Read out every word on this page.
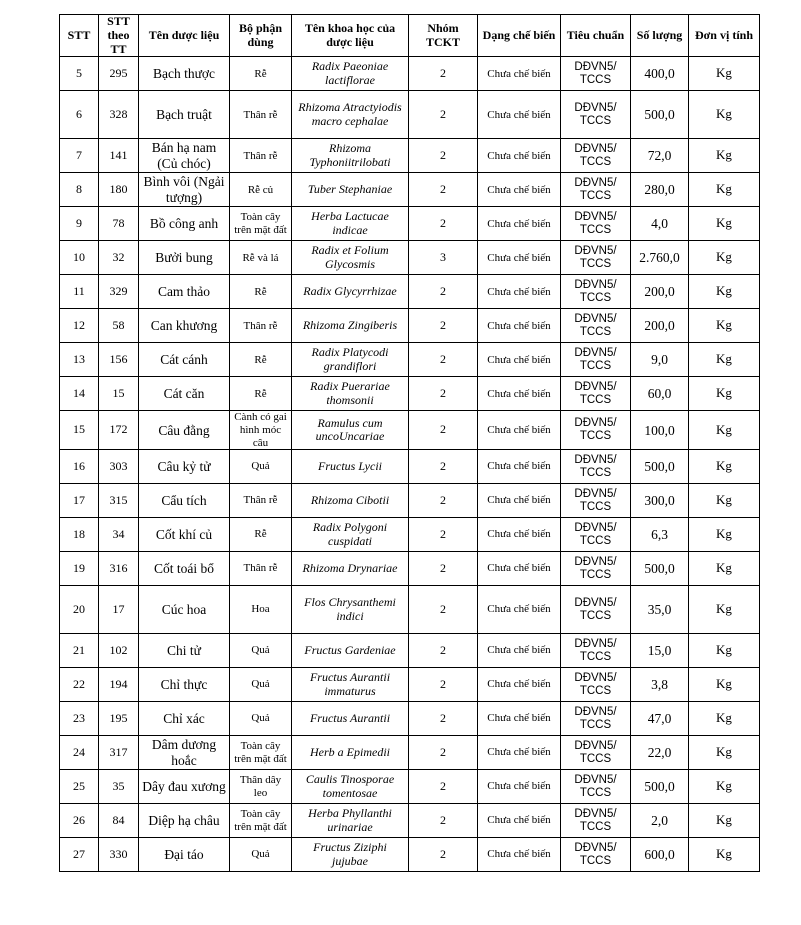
STT	STT theo TT	Tên dược liệu	Bộ phận dùng	Tên khoa học của dược liệu	Nhóm TCKT	Dạng chế biến	Tiêu chuẩn	Số lượng	Đơn vị tính
5	295	Bạch thược	Rễ	Radix Paeoniae lactiflorae	2	Chưa chế biến	DĐVN5/ TCCS	400,0	Kg
6	328	Bạch truật	Thân rễ	Rhizoma Atractyiodis macro cephalae	2	Chưa chế biến	DĐVN5/ TCCS	500,0	Kg
7	141	Bán hạ nam (Củ chóc)	Thân rễ	Rhizoma Typhoniitrilobati	2	Chưa chế biến	DĐVN5/ TCCS	72,0	Kg
8	180	Bình vôi (Ngải tượng)	Rễ củ	Tuber Stephaniae	2	Chưa chế biến	DĐVN5/ TCCS	280,0	Kg
9	78	Bồ công anh	Toàn cây trên mặt đất	Herba Lactucae indicae	2	Chưa chế biến	DĐVN5/ TCCS	4,0	Kg
10	32	Bưởi bung	Rễ và lá	Radix et Folium Glycosmis	3	Chưa chế biến	DĐVN5/ TCCS	2.760,0	Kg
11	329	Cam thảo	Rễ	Radix Glycyrrhizae	2	Chưa chế biến	DĐVN5/ TCCS	200,0	Kg
12	58	Can khương	Thân rễ	Rhizoma Zingiberis	2	Chưa chế biến	DĐVN5/ TCCS	200,0	Kg
13	156	Cát cánh	Rễ	Radix Platycodi grandiflori	2	Chưa chế biến	DĐVN5/ TCCS	9,0	Kg
14	15	Cát căn	Rễ	Radix Puerariae thomsonii	2	Chưa chế biến	DĐVN5/ TCCS	60,0	Kg
15	172	Câu đằng	Cành có gai hình móc câu	Ramulus cum uncoUncariae	2	Chưa chế biến	DĐVN5/ TCCS	100,0	Kg
16	303	Câu kỷ tử	Quả	Fructus Lycii	2	Chưa chế biến	DĐVN5/ TCCS	500,0	Kg
17	315	Cẩu tích	Thân rễ	Rhizoma Cibotii	2	Chưa chế biến	DĐVN5/ TCCS	300,0	Kg
18	34	Cốt khí củ	Rễ	Radix Polygoni cuspidati	2	Chưa chế biến	DĐVN5/ TCCS	6,3	Kg
19	316	Cốt toái bổ	Thân rễ	Rhizoma Drynariae	2	Chưa chế biến	DĐVN5/ TCCS	500,0	Kg
20	17	Cúc hoa	Hoa	Flos Chrysanthemi indici	2	Chưa chế biến	DĐVN5/ TCCS	35,0	Kg
21	102	Chi tử	Quả	Fructus Gardeniae	2	Chưa chế biến	DĐVN5/ TCCS	15,0	Kg
22	194	Chỉ thực	Quả	Fructus Aurantii immaturus	2	Chưa chế biến	DĐVN5/ TCCS	3,8	Kg
23	195	Chỉ xác	Quả	Fructus Aurantii	2	Chưa chế biến	DĐVN5/ TCCS	47,0	Kg
24	317	Dâm dương hoắc	Toàn cây trên mặt đất	Herb a Epimedii	2	Chưa chế biến	DĐVN5/ TCCS	22,0	Kg
25	35	Dây đau xương	Thân dây leo	Caulis Tinosporae tomentosae	2	Chưa chế biến	DĐVN5/ TCCS	500,0	Kg
26	84	Diệp hạ châu	Toàn cây trên mặt đất	Herba Phyllanthi urinariae	2	Chưa chế biến	DĐVN5/ TCCS	2,0	Kg
27	330	Đại táo	Quả	Fructus Ziziphi jujubae	2	Chưa chế biến	DĐVN5/ TCCS	600,0	Kg
